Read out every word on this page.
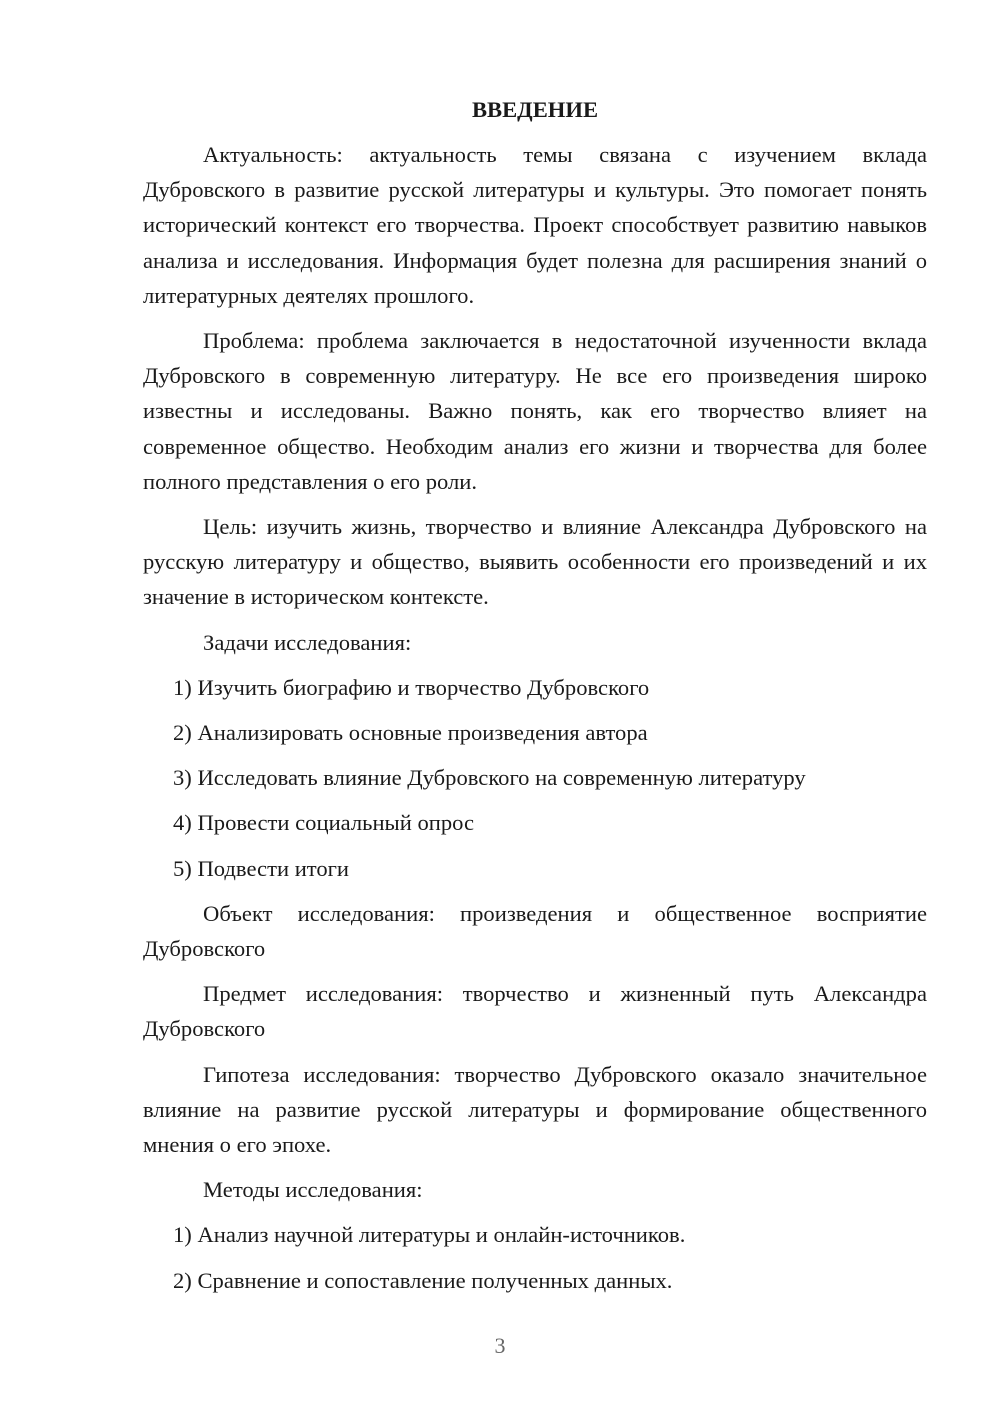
ВВЕДЕНИЕ

Актуальность: актуальность темы связана с изучением вклада Дубровского в развитие русской литературы и культуры. Это помогает понять исторический контекст его творчества. Проект способствует развитию навыков анализа и исследования. Информация будет полезна для расширения знаний о литературных деятелях прошлого.

Проблема: проблема заключается в недостаточной изученности вклада Дубровского в современную литературу. Не все его произведения широко известны и исследованы. Важно понять, как его творчество влияет на современное общество. Необходим анализ его жизни и творчества для более полного представления о его роли.

Цель: изучить жизнь, творчество и влияние Александра Дубровского на русскую литературу и общество, выявить особенности его произведений и их значение в историческом контексте.

Задачи исследования:

1) Изучить биографию и творчество Дубровского

2) Анализировать основные произведения автора

3) Исследовать влияние Дубровского на современную литературу

4) Провести социальный опрос

5) Подвести итоги

Объект исследования: произведения и общественное восприятие Дубровского

Предмет исследования: творчество и жизненный путь Александра Дубровского

Гипотеза исследования: творчество Дубровского оказало значительное влияние на развитие русской литературы и формирование общественного мнения о его эпохе.

Методы исследования:

1) Анализ научной литературы и онлайн-источников.

2) Сравнение и сопоставление полученных данных.

3
